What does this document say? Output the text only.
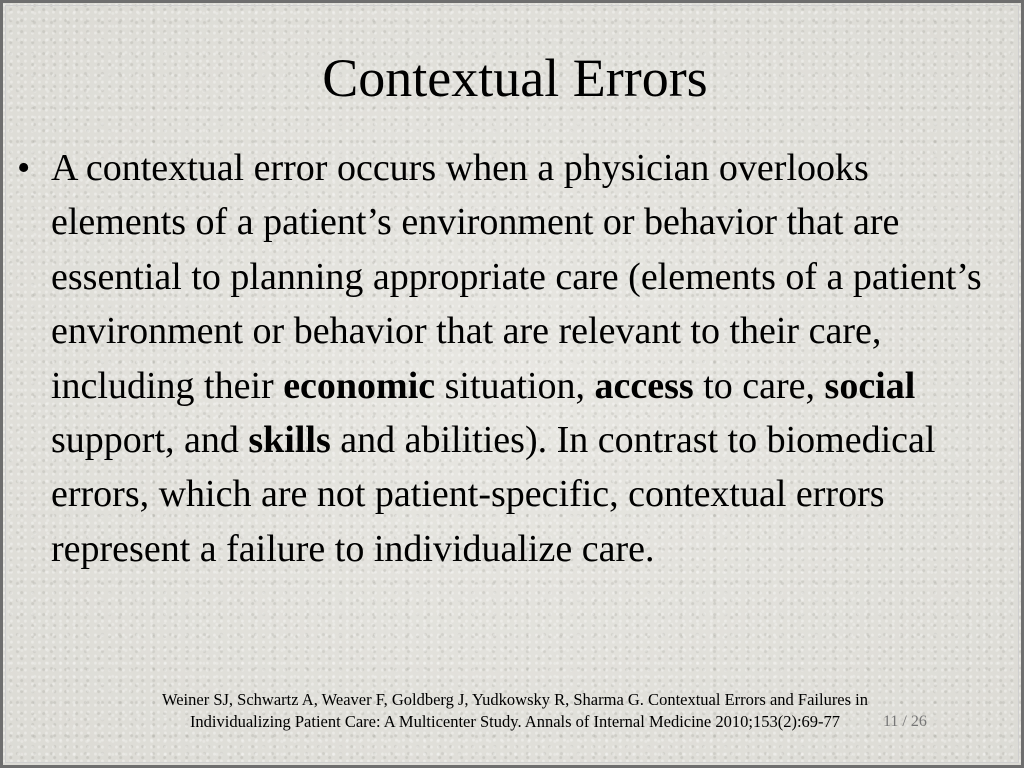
Contextual Errors
• A contextual error occurs when a physician overlooks elements of a patient’s environment or behavior that are essential to planning appropriate care (elements of a patient’s environment or behavior that are relevant to their care, including their economic situation, access to care, social support, and skills and abilities). In contrast to biomedical errors, which are not patient-specific, contextual errors represent a failure to individualize care.

Weiner SJ, Schwartz A, Weaver F, Goldberg J, Yudkowsky R, Sharma G. Contextual Errors and Failures in
Individualizing Patient Care: A Multicenter Study. Annals of Internal Medicine 2010;153(2):69-77	11 / 26
